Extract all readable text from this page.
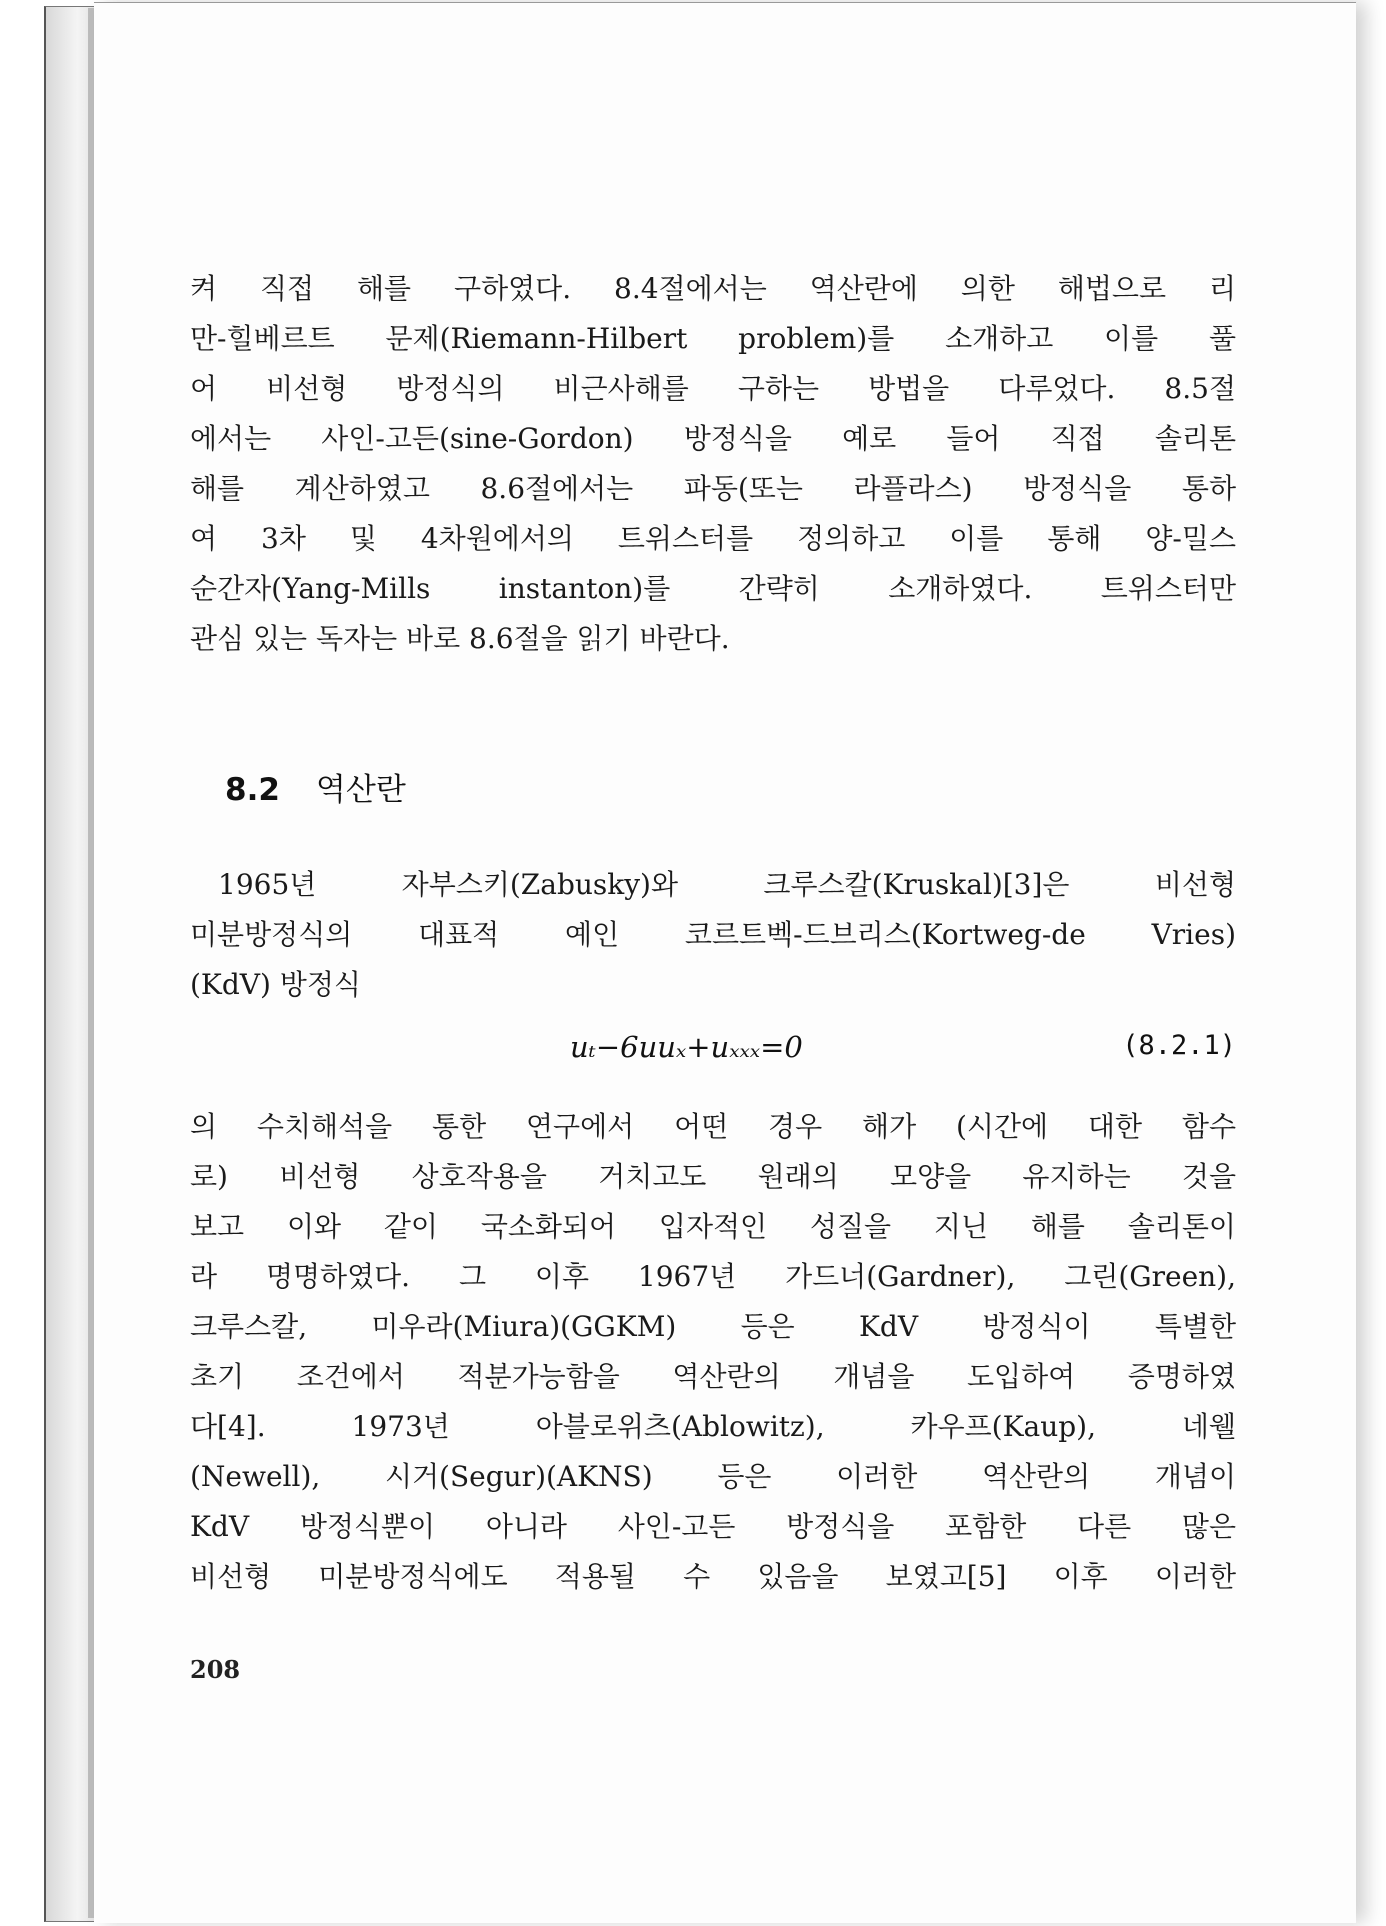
켜 직접 해를 구하였다. 8.4절에서는 역산란에 의한 해법으로 리
만-힐베르트 문제(Riemann-Hilbert problem)를 소개하고 이를 풀
어 비선형 방정식의 비근사해를 구하는 방법을 다루었다. 8.5절
에서는 사인-고든(sine-Gordon) 방정식을 예로 들어 직접 솔리톤
해를 계산하였고 8.6절에서는 파동(또는 라플라스) 방정식을 통하
여 3차 및 4차원에서의 트위스터를 정의하고 이를 통해 양-밀스
순간자(Yang-Mills instanton)를 간략히 소개하였다. 트위스터만
관심 있는 독자는 바로 8.6절을 읽기 바란다.
8.2 역산란
1965년 자부스키(Zabusky)와 크루스칼(Kruskal)[3]은 비선형
미분방정식의 대표적 예인 코르트벡-드브리스(Kortweg-de Vries)
(KdV) 방정식
uₜ−6uuₓ+uₓₓₓ=0	(8.2.1)
의 수치해석을 통한 연구에서 어떤 경우 해가 (시간에 대한 함수
로) 비선형 상호작용을 거치고도 원래의 모양을 유지하는 것을
보고 이와 같이 국소화되어 입자적인 성질을 지닌 해를 솔리톤이
라 명명하였다. 그 이후 1967년 가드너(Gardner), 그린(Green),
크루스칼, 미우라(Miura)(GGKM) 등은 KdV 방정식이 특별한
초기 조건에서 적분가능함을 역산란의 개념을 도입하여 증명하였
다[4]. 1973년 아블로위츠(Ablowitz), 카우프(Kaup), 네웰
(Newell), 시거(Segur)(AKNS) 등은 이러한 역산란의 개념이
KdV 방정식뿐이 아니라 사인-고든 방정식을 포함한 다른 많은
비선형 미분방정식에도 적용될 수 있음을 보였고[5] 이후 이러한
208
